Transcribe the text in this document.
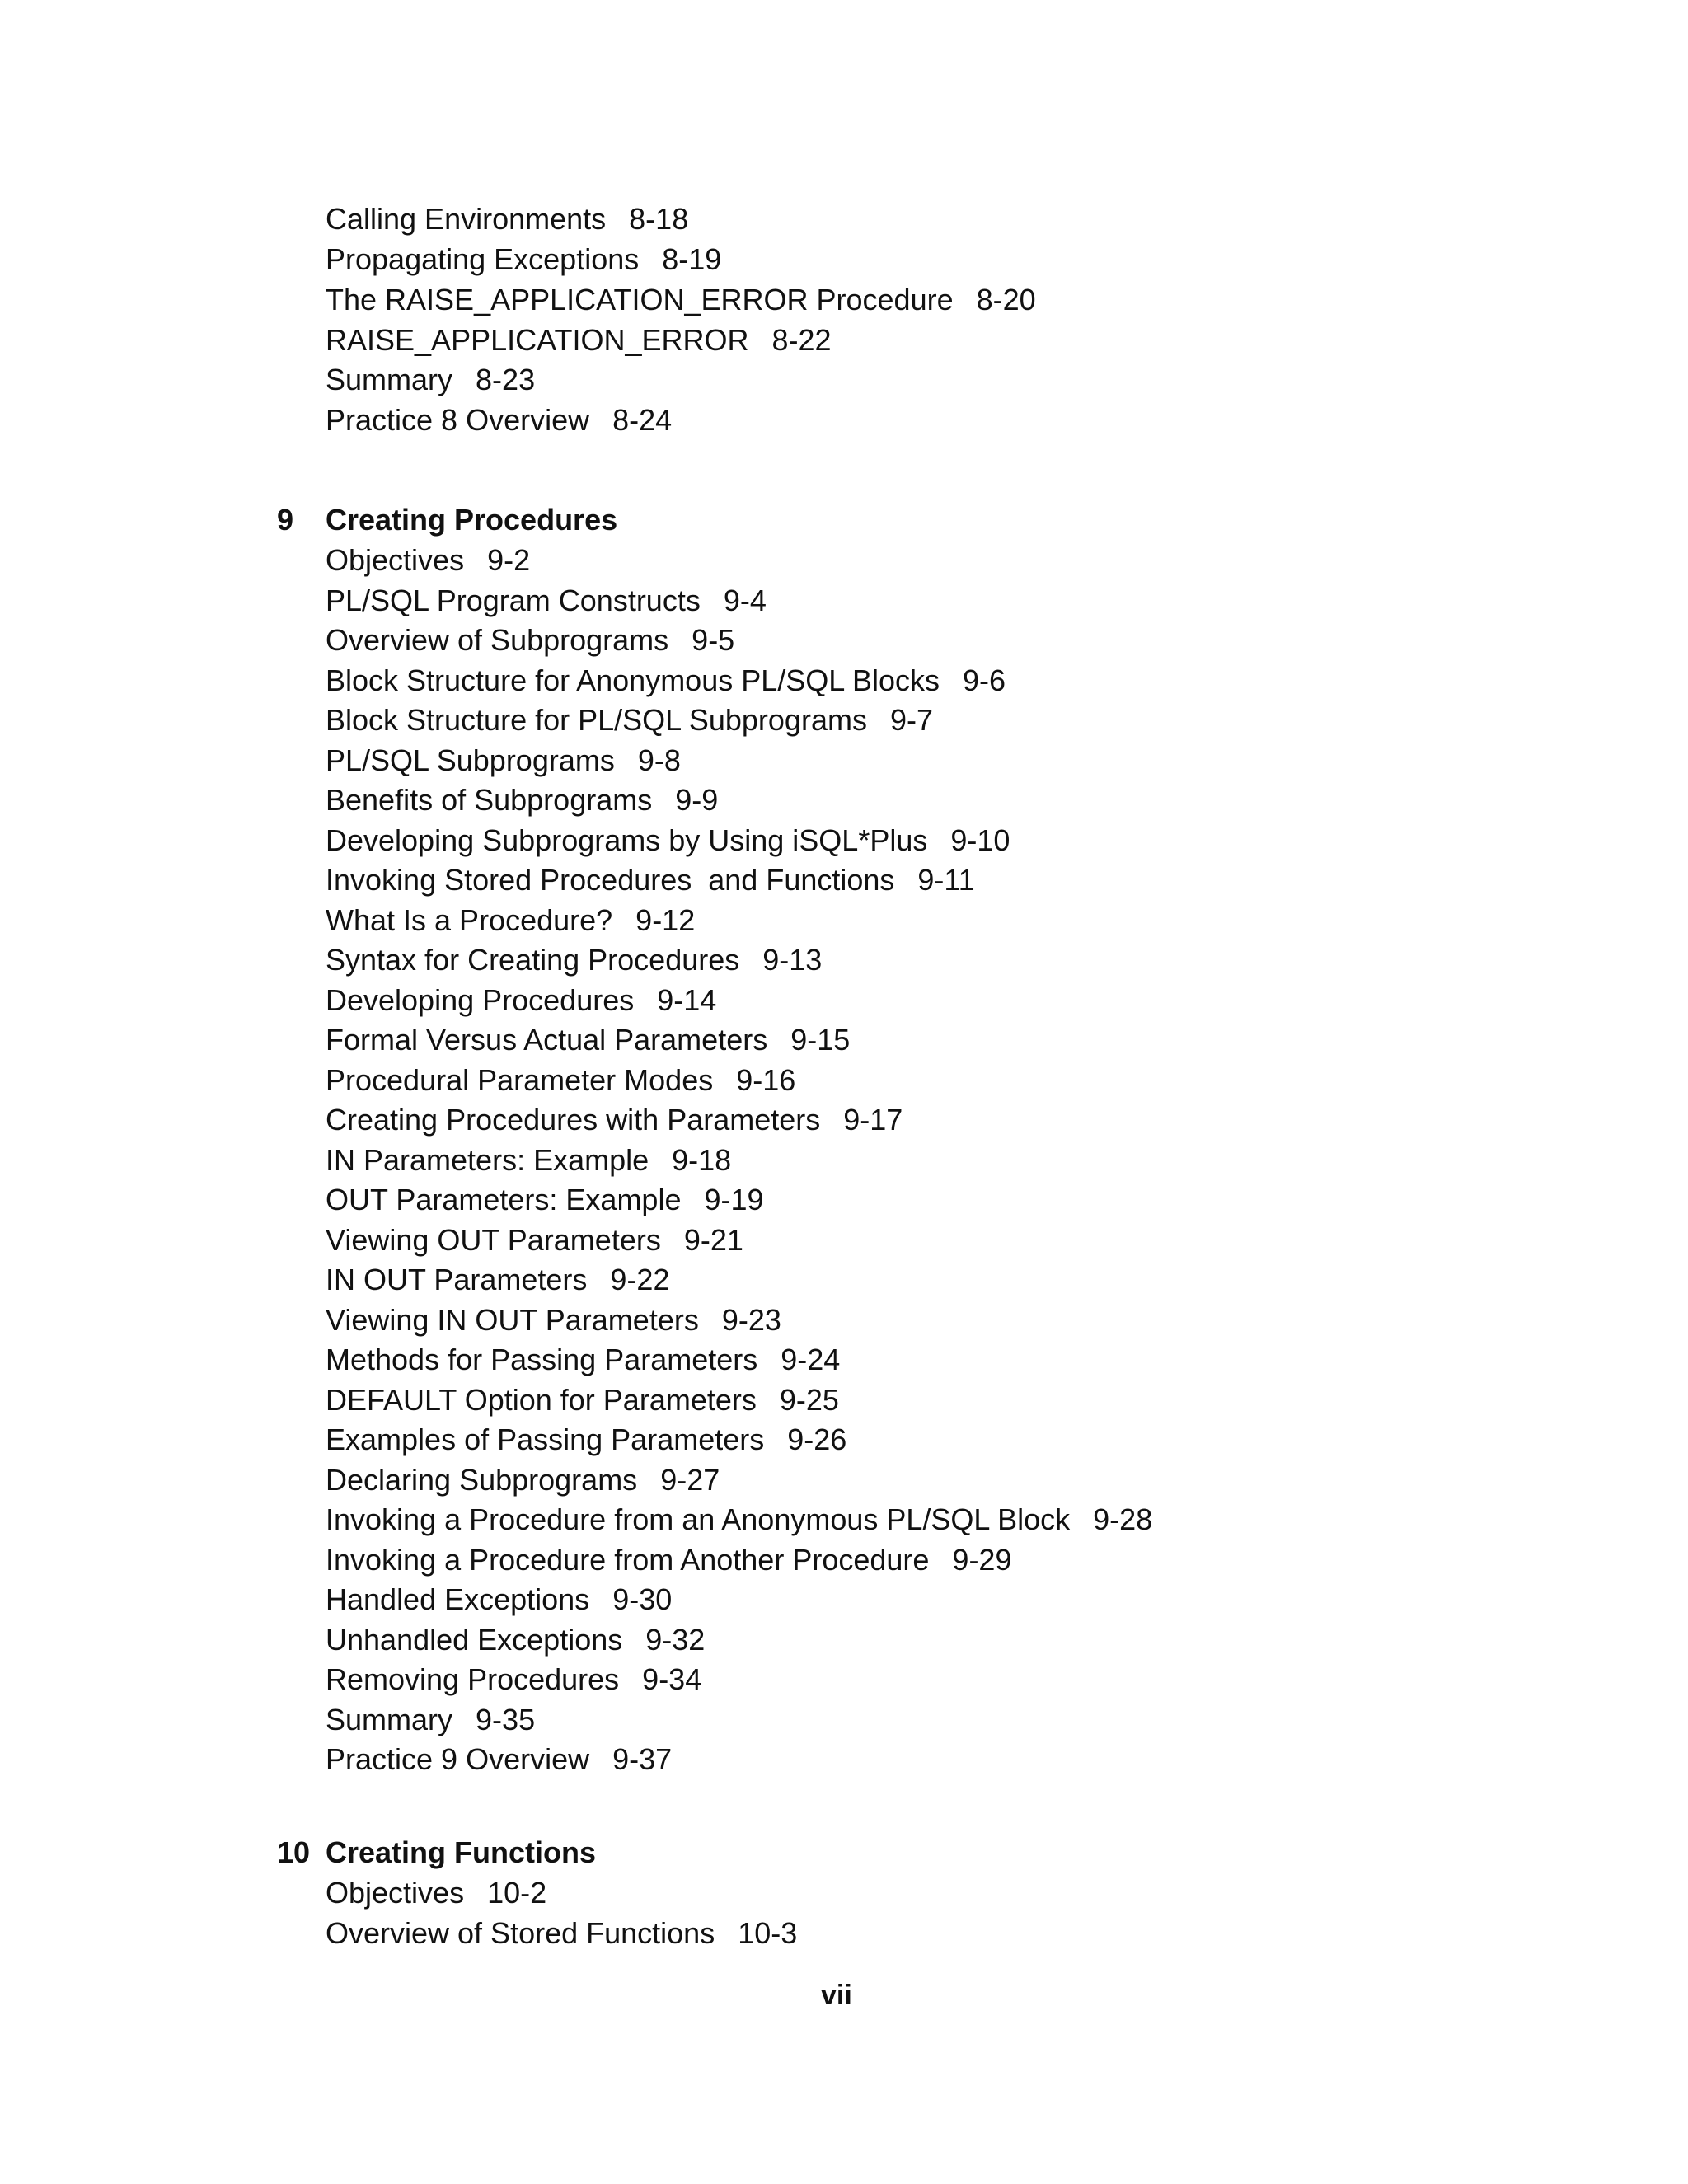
Calling Environments 8-18
Propagating Exceptions 8-19
The RAISE_APPLICATION_ERROR Procedure 8-20
RAISE_APPLICATION_ERROR 8-22
Summary 8-23
Practice 8 Overview 8-24

9

Creating Procedures

Objectives 9-2
PL/SQL Program Constructs 9-4
Overview of Subprograms 9-5
Block Structure for Anonymous PL/SQL Blocks 9-6
Block Structure for PL/SQL Subprograms 9-7
PL/SQL Subprograms 9-8
Benefits of Subprograms 9-9
Developing Subprograms by Using iSQL*Plus 9-10
Invoking Stored Procedures  and Functions 9-11
What Is a Procedure? 9-12
Syntax for Creating Procedures 9-13
Developing Procedures 9-14
Formal Versus Actual Parameters 9-15
Procedural Parameter Modes 9-16
Creating Procedures with Parameters 9-17
IN Parameters: Example 9-18
OUT Parameters: Example 9-19
Viewing OUT Parameters 9-21
IN OUT Parameters 9-22
Viewing IN OUT Parameters 9-23
Methods for Passing Parameters 9-24
DEFAULT Option for Parameters 9-25
Examples of Passing Parameters 9-26
Declaring Subprograms 9-27
Invoking a Procedure from an Anonymous PL/SQL Block 9-28
Invoking a Procedure from Another Procedure 9-29
Handled Exceptions 9-30
Unhandled Exceptions 9-32
Removing Procedures 9-34
Summary 9-35
Practice 9 Overview 9-37

10

Creating Functions

Objectives 10-2
Overview of Stored Functions 10-3
vii
